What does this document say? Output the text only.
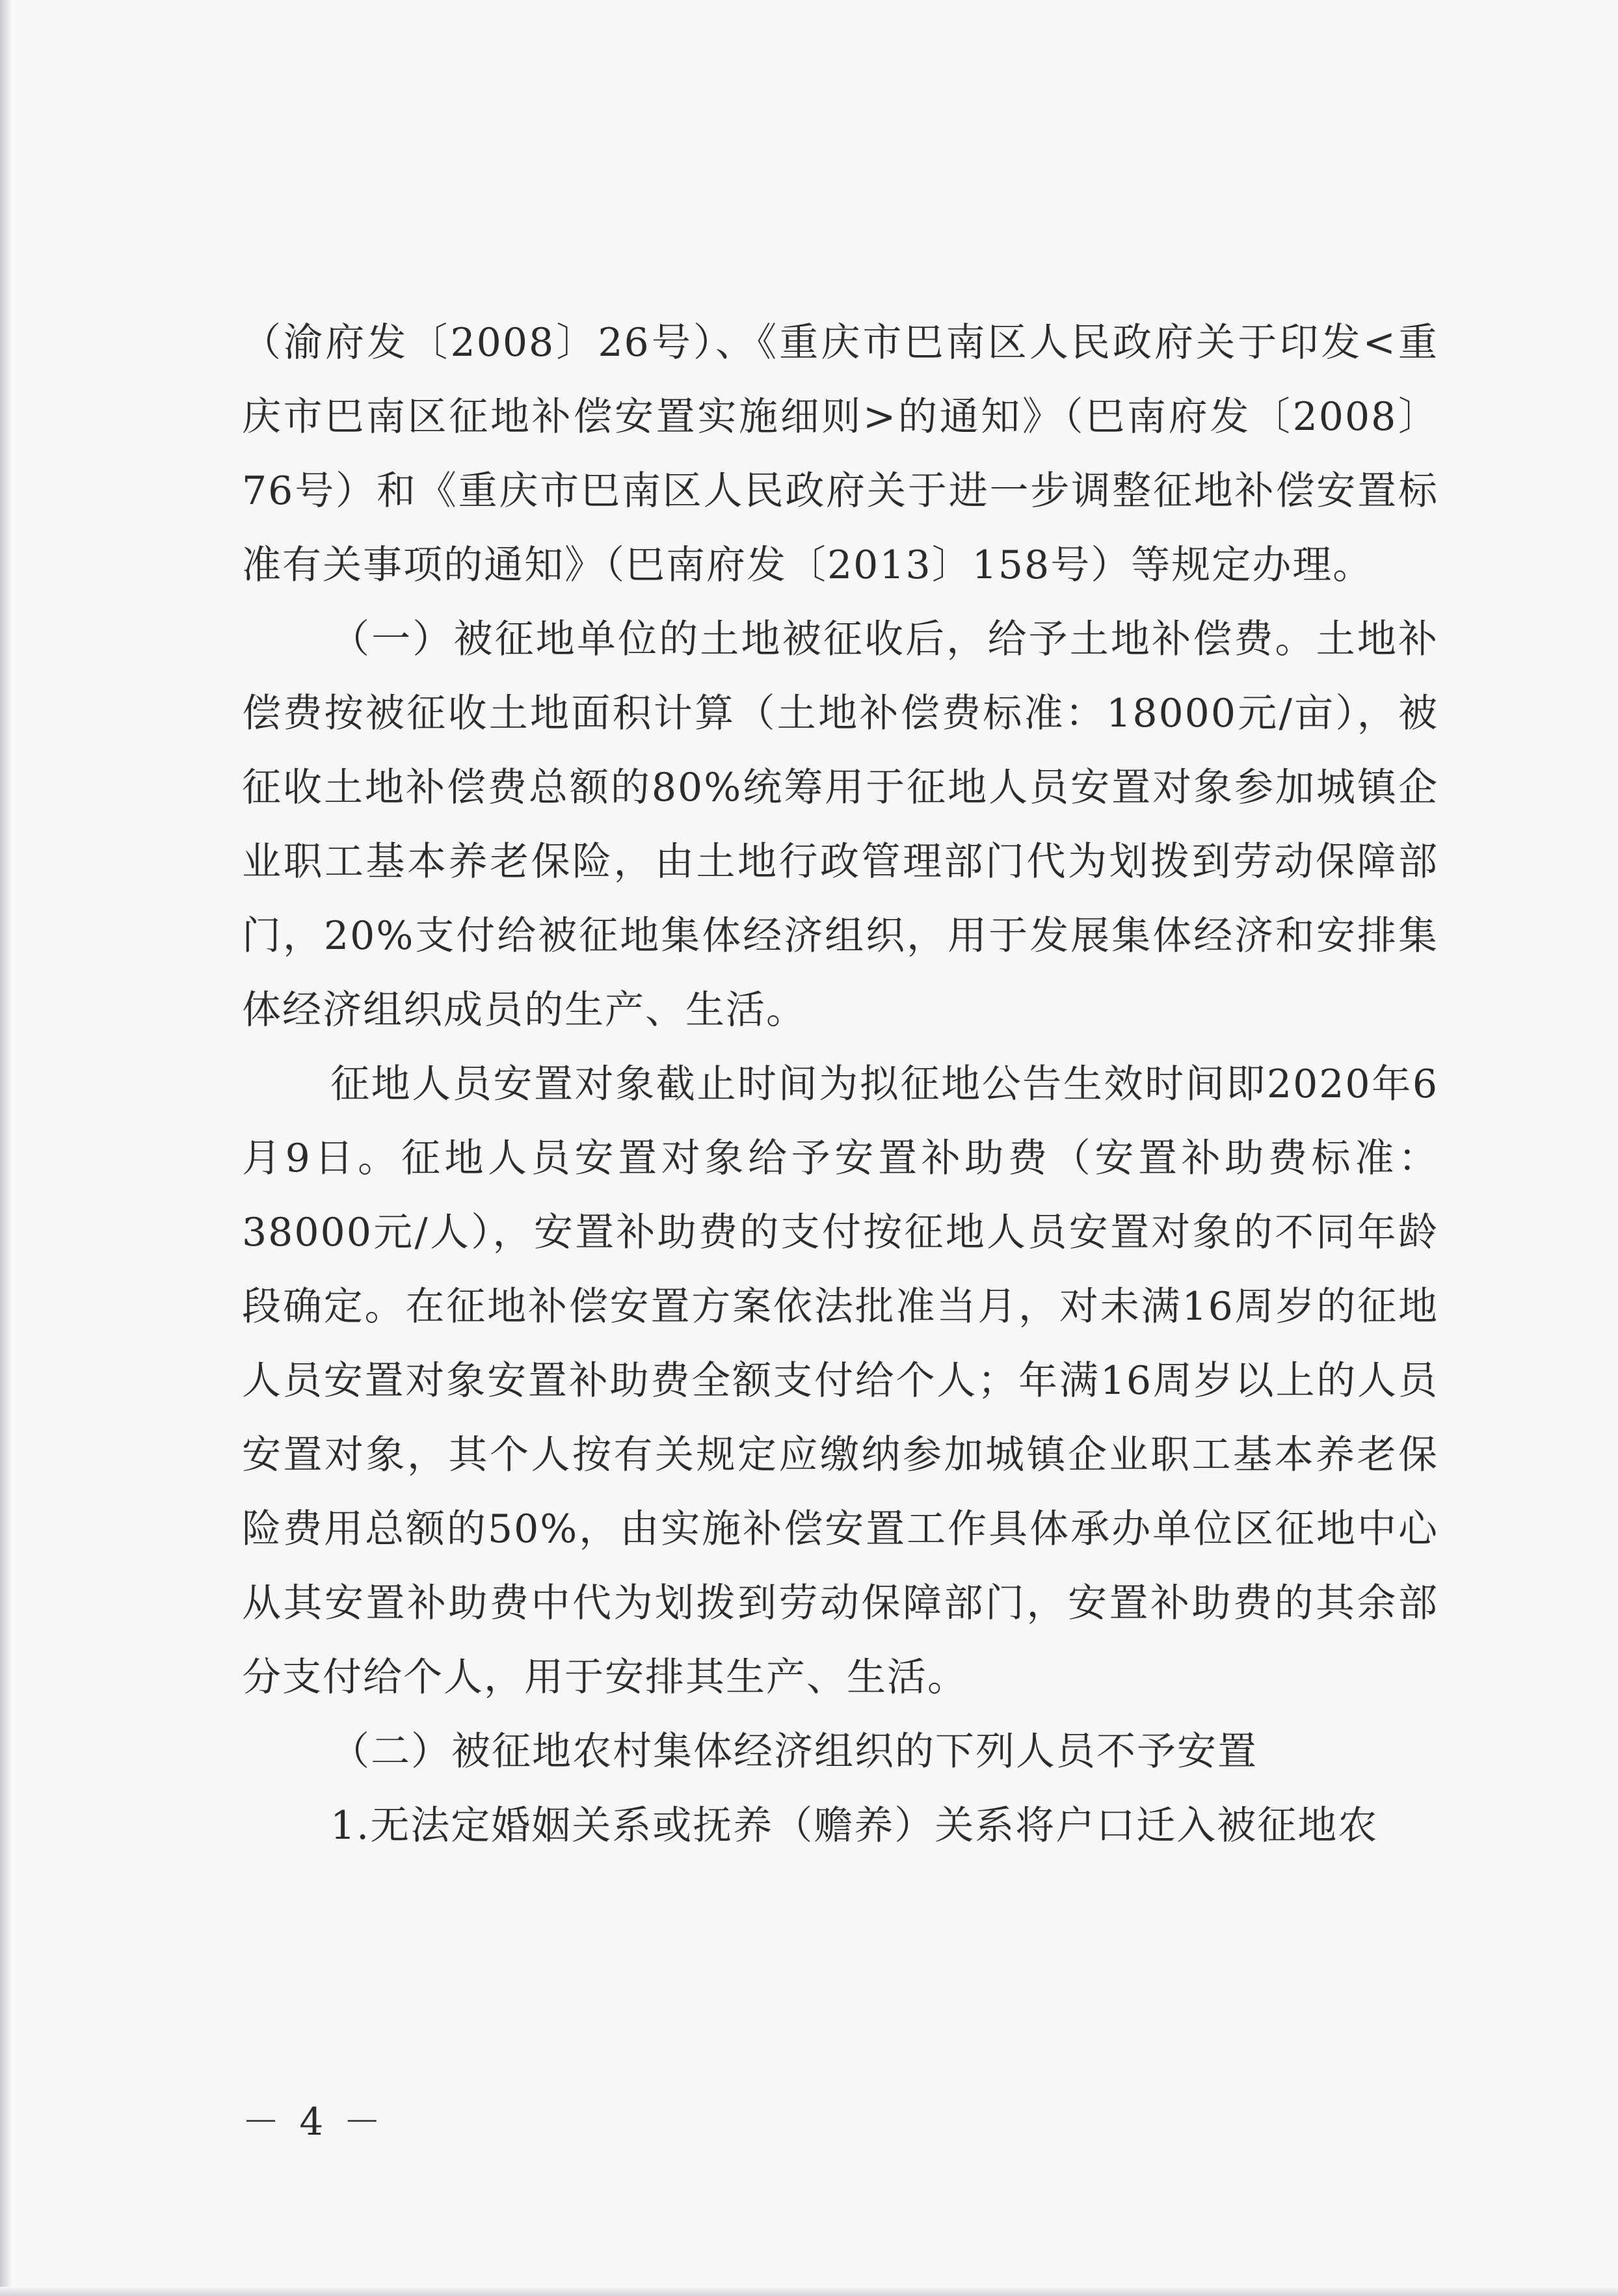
（渝府发〔2008〕26号）、《重庆市巴南区人民政府关于印发<重庆市巴南区征地补偿安置实施细则>的通知》（巴南府发〔2008〕76号）和《重庆市巴南区人民政府关于进一步调整征地补偿安置标准有关事项的通知》（巴南府发〔2013〕158号）等规定办理。

（一）被征地单位的土地被征收后，给予土地补偿费。土地补偿费按被征收土地面积计算（土地补偿费标准：18000元/亩），被征收土地补偿费总额的80%统筹用于征地人员安置对象参加城镇企业职工基本养老保险，由土地行政管理部门代为划拨到劳动保障部门，20%支付给被征地集体经济组织，用于发展集体经济和安排集体经济组织成员的生产、生活。

征地人员安置对象截止时间为拟征地公告生效时间即2020年6月9日。征地人员安置对象给予安置补助费（安置补助费标准：38000元/人），安置补助费的支付按征地人员安置对象的不同年龄段确定。在征地补偿安置方案依法批准当月，对未满16周岁的征地人员安置对象安置补助费全额支付给个人；年满16周岁以上的人员安置对象，其个人按有关规定应缴纳参加城镇企业职工基本养老保险费用总额的50%，由实施补偿安置工作具体承办单位区征地中心从其安置补助费中代为划拨到劳动保障部门，安置补助费的其余部分支付给个人，用于安排其生产、生活。

（二）被征地农村集体经济组织的下列人员不予安置

1.无法定婚姻关系或抚养（赡养）关系将户口迁入被征地农

－ 4 －
